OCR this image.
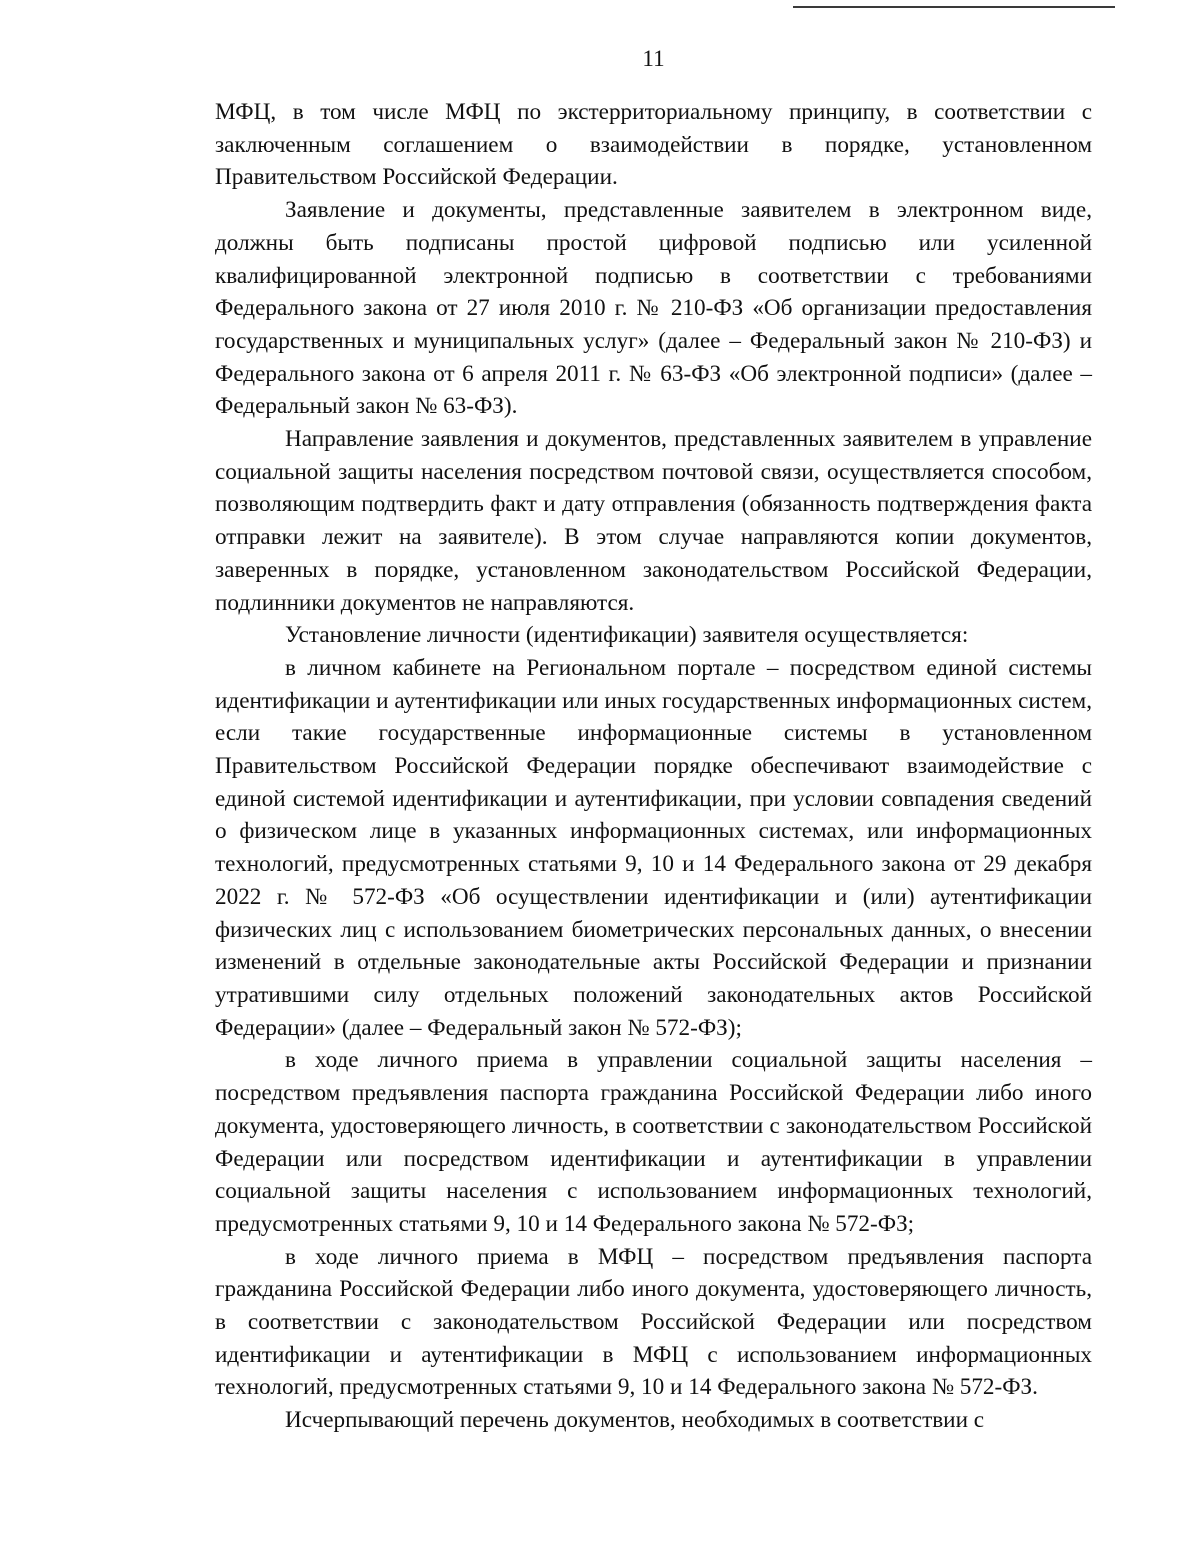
11

МФЦ, в том числе МФЦ по экстерриториальному принципу, в соответствии с заключенным соглашением о взаимодействии в порядке, установленном Правительством Российской Федерации.

Заявление и документы, представленные заявителем в электронном виде, должны быть подписаны простой цифровой подписью или усиленной квалифицированной электронной подписью в соответствии с требованиями Федерального закона от 27 июля 2010 г. № 210-ФЗ «Об организации предоставления государственных и муниципальных услуг» (далее – Федеральный закон № 210-ФЗ) и Федерального закона от 6 апреля 2011 г. № 63-ФЗ «Об электронной подписи» (далее – Федеральный закон № 63-ФЗ).

Направление заявления и документов, представленных заявителем в управление социальной защиты населения посредством почтовой связи, осуществляется способом, позволяющим подтвердить факт и дату отправления (обязанность подтверждения факта отправки лежит на заявителе). В этом случае направляются копии документов, заверенных в порядке, установленном законодательством Российской Федерации, подлинники документов не направляются.

Установление личности (идентификации) заявителя осуществляется:

в личном кабинете на Региональном портале – посредством единой системы идентификации и аутентификации или иных государственных информационных систем, если такие государственные информационные системы в установленном Правительством Российской Федерации порядке обеспечивают взаимодействие с единой системой идентификации и аутентификации, при условии совпадения сведений о физическом лице в указанных информационных системах, или информационных технологий, предусмотренных статьями 9, 10 и 14 Федерального закона от 29 декабря 2022 г. № 572-ФЗ «Об осуществлении идентификации и (или) аутентификации физических лиц с использованием биометрических персональных данных, о внесении изменений в отдельные законодательные акты Российской Федерации и признании утратившими силу отдельных положений законодательных актов Российской Федерации» (далее – Федеральный закон № 572-ФЗ);

в ходе личного приема в управлении социальной защиты населения – посредством предъявления паспорта гражданина Российской Федерации либо иного документа, удостоверяющего личность, в соответствии с законодательством Российской Федерации или посредством идентификации и аутентификации в управлении социальной защиты населения с использованием информационных технологий, предусмотренных статьями 9, 10 и 14 Федерального закона № 572-ФЗ;

в ходе личного приема в МФЦ – посредством предъявления паспорта гражданина Российской Федерации либо иного документа, удостоверяющего личность, в соответствии с законодательством Российской Федерации или посредством идентификации и аутентификации в МФЦ с использованием информационных технологий, предусмотренных статьями 9, 10 и 14 Федерального закона № 572-ФЗ.

Исчерпывающий перечень документов, необходимых в соответствии с
